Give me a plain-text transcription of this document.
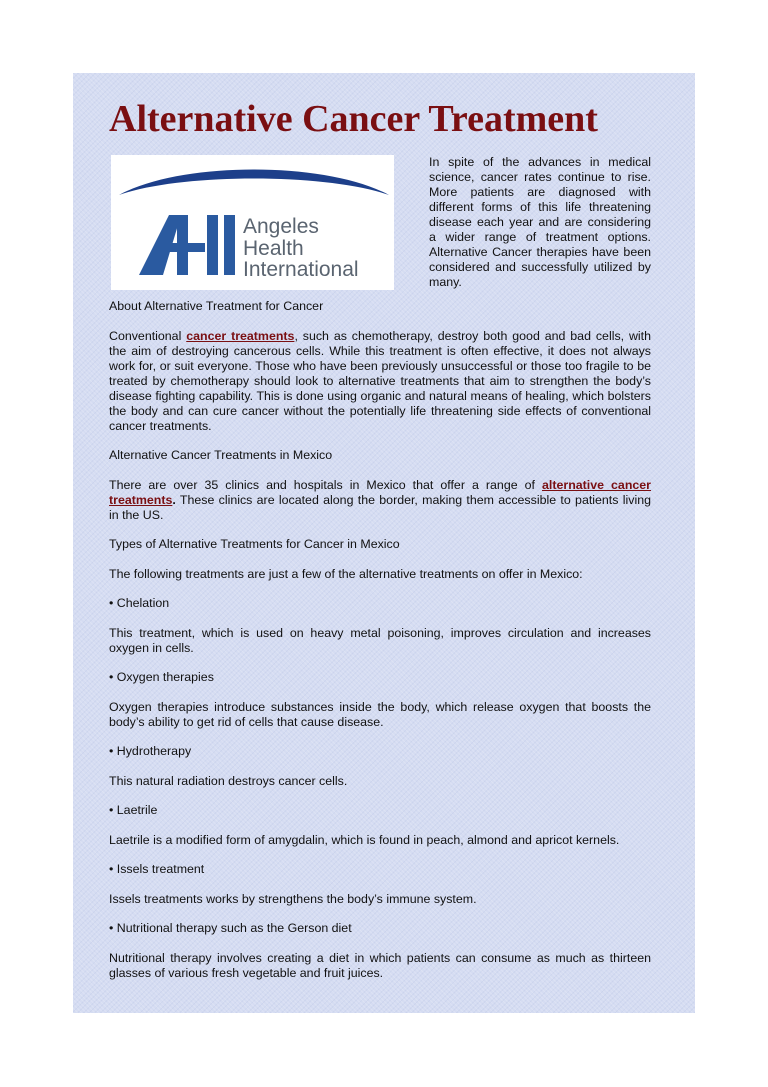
Alternative Cancer Treatment
Angeles
Health
International

In spite of the advances in medical science, cancer rates continue to rise. More patients are diagnosed with different forms of this life threatening disease each year and are considering a wider range of treatment options. Alternative Cancer therapies have been considered and successfully utilized by many.

About Alternative Treatment for Cancer

Conventional cancer treatments, such as chemotherapy, destroy both good and bad cells, with the aim of destroying cancerous cells. While this treatment is often effective, it does not always work for, or suit everyone. Those who have been previously unsuccessful or those too fragile to be treated by chemotherapy should look to alternative treatments that aim to strengthen the body’s disease fighting capability. This is done using organic and natural means of healing, which bolsters the body and can cure cancer without the potentially life threatening side effects of conventional cancer treatments.

Alternative Cancer Treatments in Mexico

There are over 35 clinics and hospitals in Mexico that offer a range of alternative cancer treatments. These clinics are located along the border, making them accessible to patients living in the US.

Types of Alternative Treatments for Cancer in Mexico

The following treatments are just a few of the alternative treatments on offer in Mexico:

• Chelation

This treatment, which is used on heavy metal poisoning, improves circulation and increases oxygen in cells.

• Oxygen therapies

Oxygen therapies introduce substances inside the body, which release oxygen that boosts the body’s ability to get rid of cells that cause disease.

• Hydrotherapy

This natural radiation destroys cancer cells.

• Laetrile

Laetrile is a modified form of amygdalin, which is found in peach, almond and apricot kernels.

• Issels treatment

Issels treatments works by strengthens the body’s immune system.

• Nutritional therapy such as the Gerson diet

Nutritional therapy involves creating a diet in which patients can consume as much as thirteen glasses of various fresh vegetable and fruit juices.
